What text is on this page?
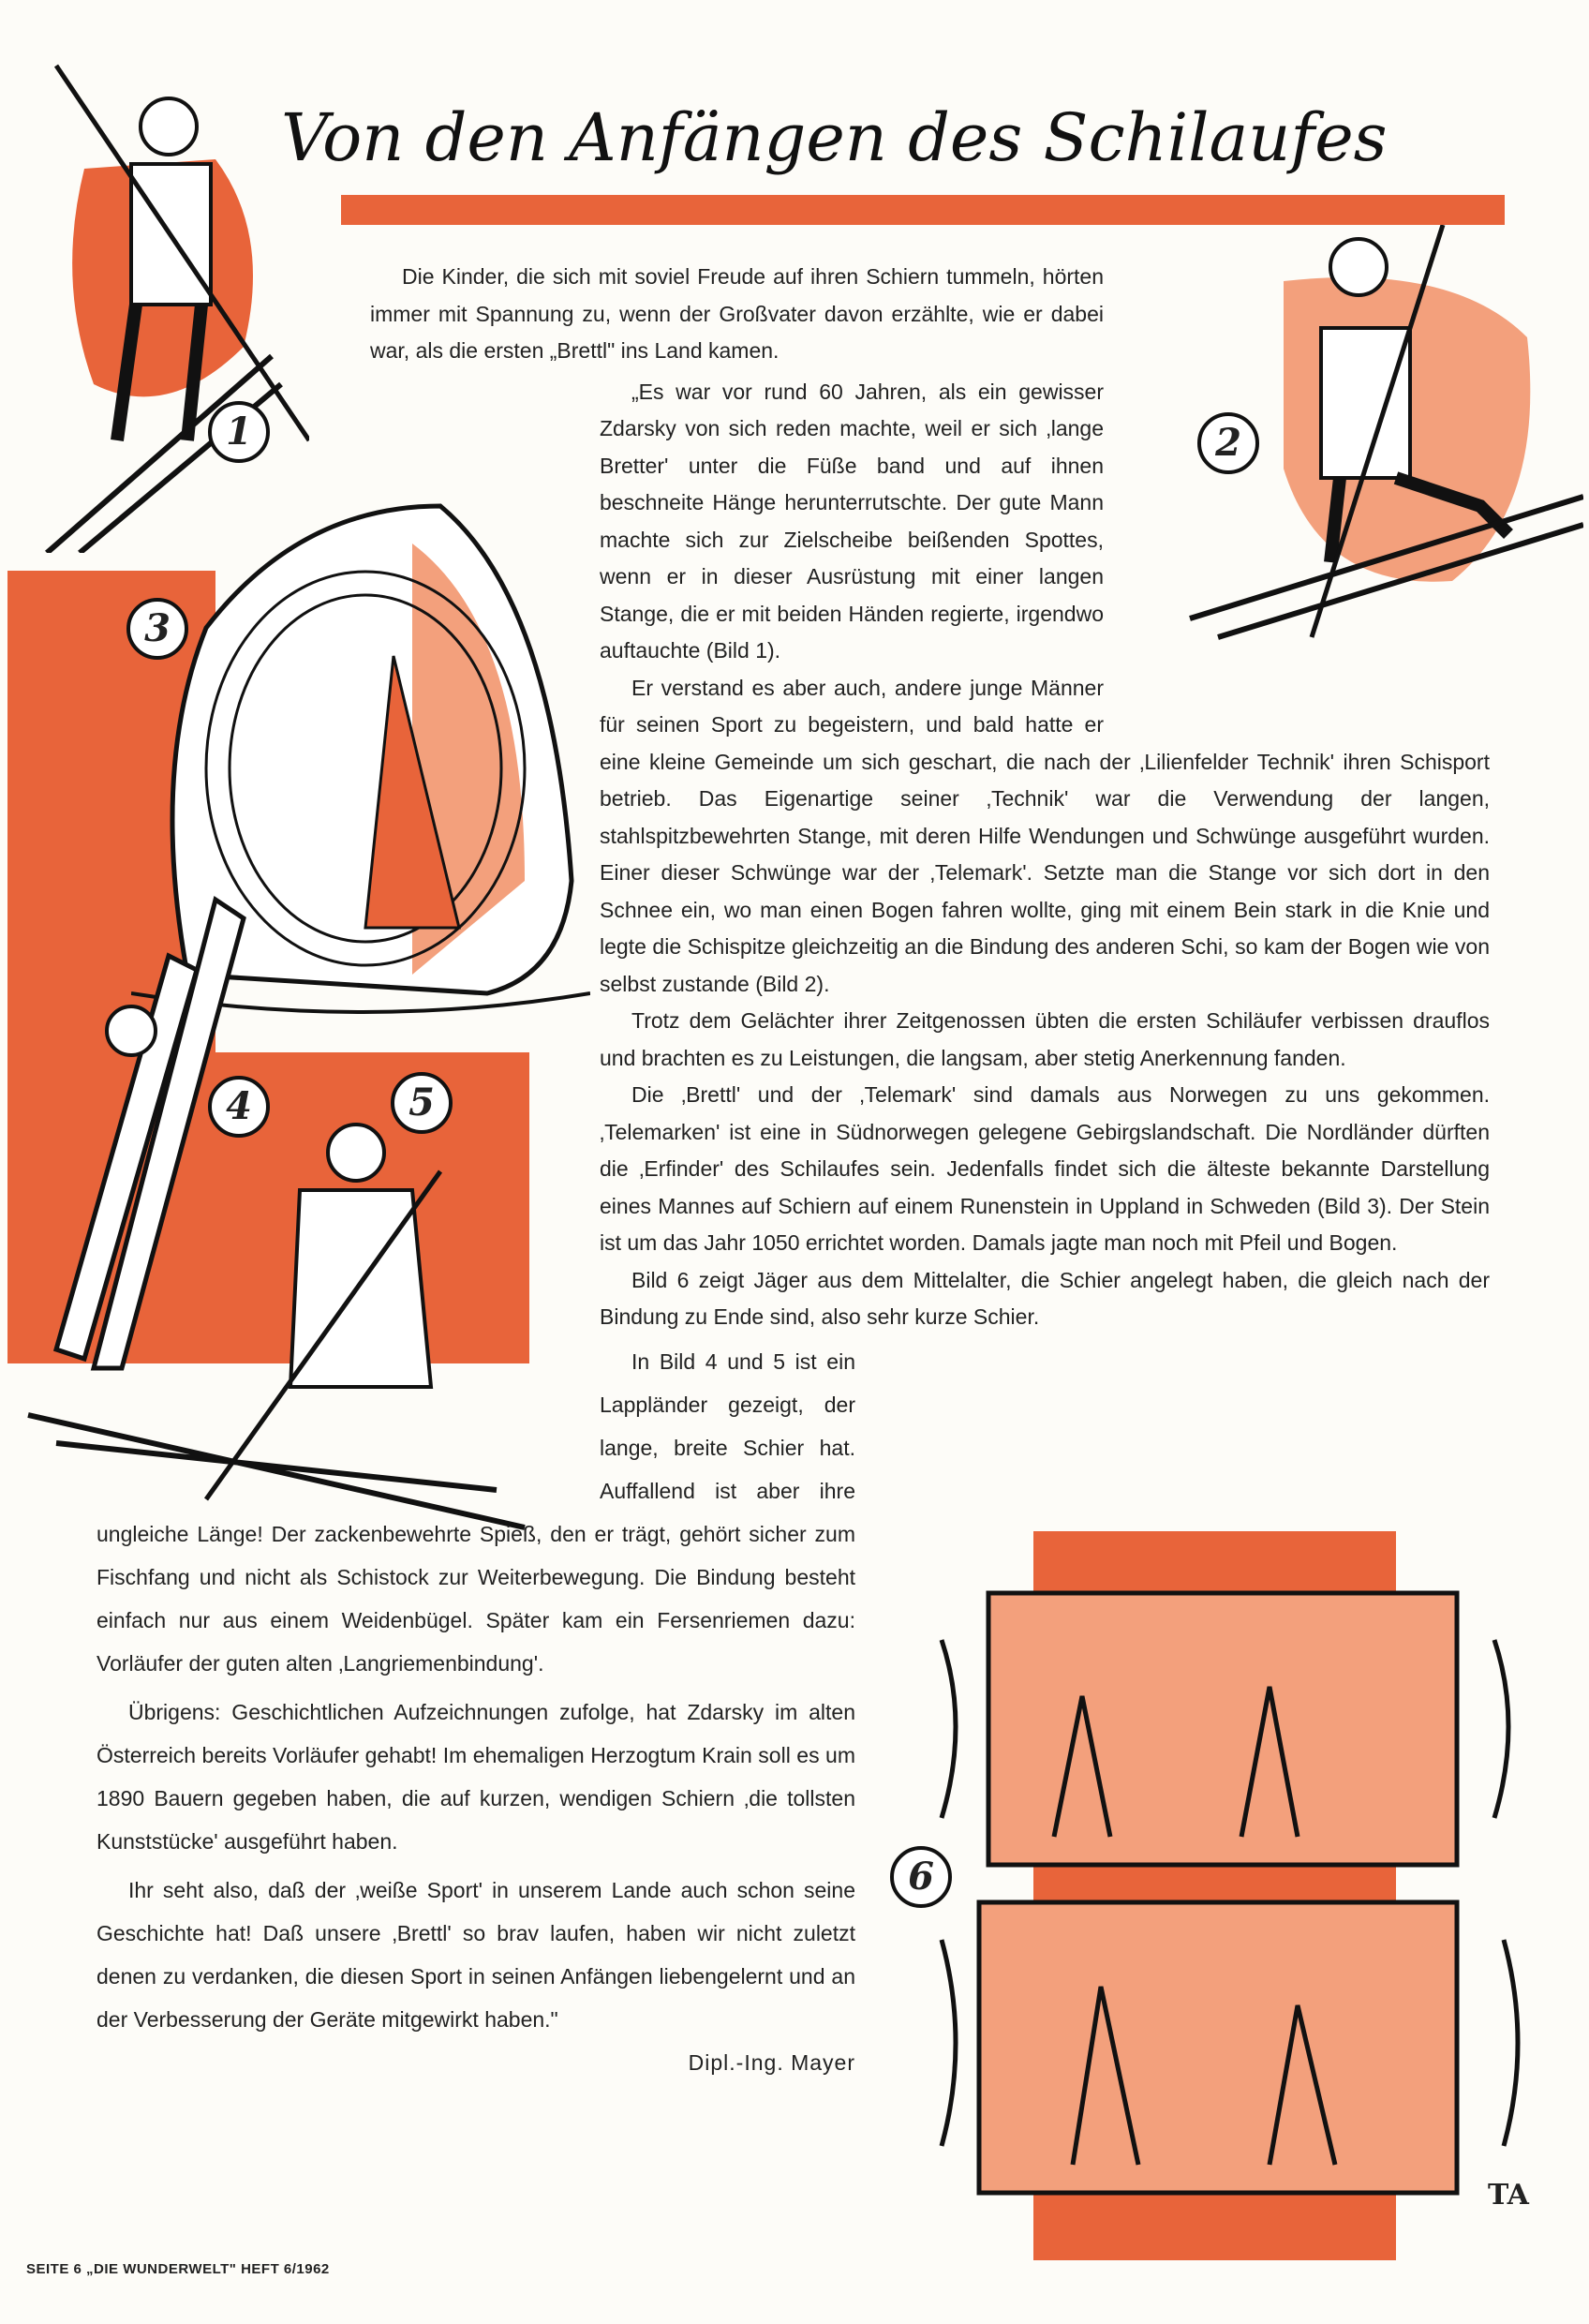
1	2
3
4	5
6
Von den Anfängen des Schilaufes

Die Kinder, die sich mit soviel Freude auf ihren Schiern tummeln, hörten immer mit Spannung zu, wenn der Großvater davon erzählte, wie er dabei war, als die ersten „Brettl" ins Land kamen.

„Es war vor rund 60 Jahren, als ein gewisser Zdarsky von sich reden machte, weil er sich ‚lange Bretter' unter die Füße band und auf ihnen beschneite Hänge herunterrutschte. Der gute Mann machte sich zur Zielscheibe beißenden Spottes, wenn er in dieser Ausrüstung mit einer langen Stange, die er mit beiden Händen regierte, irgendwo auftauchte (Bild 1).

Er verstand es aber auch, andere junge Männer für seinen Sport zu begeistern, und bald hatte er eine kleine Gemeinde um sich geschart, die nach der ‚Lilienfelder Technik' ihren Schisport betrieb. Das Eigenartige seiner ‚Technik' war die Verwendung der langen, stahlspitzbewehrten Stange, mit deren Hilfe Wendungen und Schwünge ausgeführt wurden. Einer dieser Schwünge war der ‚Telemark'. Setzte man die Stange vor sich dort in den Schnee ein, wo man einen Bogen fahren wollte, ging mit einem Bein stark in die Knie und legte die Schispitze gleichzeitig an die Bindung des anderen Schi, so kam der Bogen wie von selbst zustande (Bild 2).

Trotz dem Gelächter ihrer Zeitgenossen übten die ersten Schiläufer verbissen drauflos und brachten es zu Leistungen, die langsam, aber stetig Anerkennung fanden.

Die ‚Brettl' und der ‚Telemark' sind damals aus Norwegen zu uns gekommen. ‚Telemarken' ist eine in Südnorwegen gelegene Gebirgslandschaft. Die Nordländer dürften die ‚Erfinder' des Schilaufes sein. Jedenfalls findet sich die älteste bekannte Darstellung eines Mannes auf Schiern auf einem Runenstein in Uppland in Schweden (Bild 3). Der Stein ist um das Jahr 1050 errichtet worden. Damals jagte man noch mit Pfeil und Bogen.

Bild 6 zeigt Jäger aus dem Mittelalter, die Schier angelegt haben, die gleich nach der Bindung zu Ende sind, also sehr kurze Schier.

In Bild 4 und 5 ist ein Lappländer gezeigt, der lange, breite Schier hat. Auffallend ist aber ihre ungleiche Länge! Der zackenbewehrte Spieß, den er trägt, gehört sicher zum Fischfang und nicht als Schistock zur Weiterbewegung. Die Bindung besteht einfach nur aus einem Weidenbügel. Später kam ein Fersenriemen dazu: Vorläufer der guten alten ‚Langriemenbindung'.

Übrigens: Geschichtlichen Aufzeichnungen zufolge, hat Zdarsky im alten Österreich bereits Vorläufer gehabt! Im ehemaligen Herzogtum Krain soll es um 1890 Bauern gegeben haben, die auf kurzen, wendigen Schiern ‚die tollsten Kunststücke' ausgeführt haben.

Ihr seht also, daß der ‚weiße Sport' in unserem Lande auch schon seine Geschichte hat! Daß unsere ‚Brettl' so brav laufen, haben wir nicht zuletzt denen zu verdanken, die diesen Sport in seinen Anfängen liebengelernt und an der Verbesserung der Geräte mitgewirkt haben."

Dipl.-Ing. Mayer
TA
SEITE 6 „DIE WUNDERWELT" HEFT 6/1962
